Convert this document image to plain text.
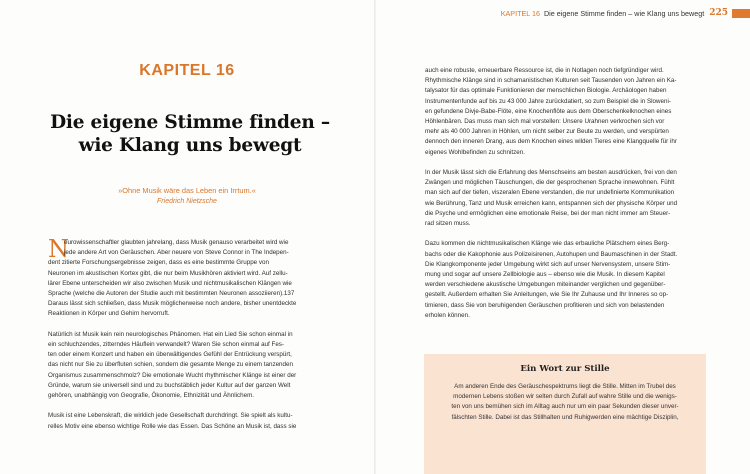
KAPITEL 16 Die eigene Stimme finden – wie Klang uns bewegt 225
KAPITEL 16
Die eigene Stimme finden –
wie Klang uns bewegt
»Ohne Musik wäre das Leben ein Irrtum.«
Friedrich Nietzsche
N

eurowissenschaftler glaubten jahrelang, dass Musik genauso verarbeitet wird wie

jede andere Art von Geräuschen. Aber neuere von Steve Connor in The Indepen-

dent zitierte Forschungsergebnisse zeigen, dass es eine bestimmte Gruppe von

Neuronen im akustischen Kortex gibt, die nur beim Musikhören aktiviert wird. Auf zellu-

lärer Ebene unterscheiden wir also zwischen Musik und nichtmusikalischen Klängen wie

Sprache (welche die Autoren der Studie auch mit bestimmten Neuronen assoziieren).137

Daraus lässt sich schließen, dass Musik möglicherweise noch andere, bisher unentdeckte

Reaktionen in Körper und Gehirn hervorruft.

Natürlich ist Musik kein rein neurologisches Phänomen. Hat ein Lied Sie schon einmal in

ein schluchzendes, zitterndes Häuflein verwandelt? Waren Sie schon einmal auf Fes-

ten oder einem Konzert und haben ein überwältigendes Gefühl der Entrückung verspürt,

das nicht nur Sie zu überfluten schien, sondern die gesamte Menge zu einem tanzenden

Organismus zusammenschmolz? Die emotionale Wucht rhythmischer Klänge ist einer der

Gründe, warum sie universell sind und zu buchstäblich jeder Kultur auf der ganzen Welt

gehören, unabhängig von Geografie, Ökonomie, Ethnizität und Ähnlichem.

Musik ist eine Lebenskraft, die wirklich jede Gesellschaft durchdringt. Sie spielt als kultu-

relles Motiv eine ebenso wichtige Rolle wie das Essen. Das Schöne an Musik ist, dass sie

auch eine robuste, erneuerbare Ressource ist, die in Notlagen noch tiefgründiger wird.

Rhythmische Klänge sind in schamanistischen Kulturen seit Tausenden von Jahren ein Ka-

talysator für das optimale Funktionieren der menschlichen Biologie. Archäologen haben

Instrumentenfunde auf bis zu 43 000 Jahre zurückdatiert, so zum Beispiel die in Sloweni-

en gefundene Divje-Babe-Flöte, eine Knochenflöte aus dem Oberschenkelknochen eines

Höhlenbären. Das muss man sich mal vorstellen: Unsere Urahnen verkrochen sich vor

mehr als 40 000 Jahren in Höhlen, um nicht selber zur Beute zu werden, und verspürten

dennoch den inneren Drang, aus dem Knochen eines wilden Tieres eine Klangquelle für ihr

eigenes Wohlbefinden zu schnitzen.

In der Musik lässt sich die Erfahrung des Menschseins am besten ausdrücken, frei von den

Zwängen und möglichen Täuschungen, die der gesprochenen Sprache innewohnen. Fühlt

man sich auf der tiefen, viszeralen Ebene verstanden, die nur undefinierte Kommunikation

wie Berührung, Tanz und Musik erreichen kann, entspannen sich der physische Körper und

die Psyche und ermöglichen eine emotionale Reise, bei der man nicht immer am Steuer-

rad sitzen muss.

Dazu kommen die nichtmusikalischen Klänge wie das erbauliche Plätschern eines Berg-

bachs oder die Kakophonie aus Polizeisirenen, Autohupen und Baumaschinen in der Stadt.

Die Klangkomponente jeder Umgebung wirkt sich auf unser Nervensystem, unsere Stim-

mung und sogar auf unsere Zellbiologie aus – ebenso wie die Musik. In diesem Kapitel

werden verschiedene akustische Umgebungen miteinander verglichen und gegenüber-

gestellt. Außerdem erhalten Sie Anleitungen, wie Sie Ihr Zuhause und Ihr Inneres so op-

timieren, dass Sie von beruhigenden Geräuschen profitieren und sich von belastenden

erholen können.

Ein Wort zur Stille

Am anderen Ende des Geräuschespektrums liegt die Stille. Mitten im Trubel des

modernen Lebens stoßen wir selten durch Zufall auf wahre Stille und die wenigs-

ten von uns bemühen sich im Alltag auch nur um ein paar Sekunden dieser unver-

fälschten Stille. Dabei ist das Stillhalten und Ruhigwerden eine mächtige Disziplin,
